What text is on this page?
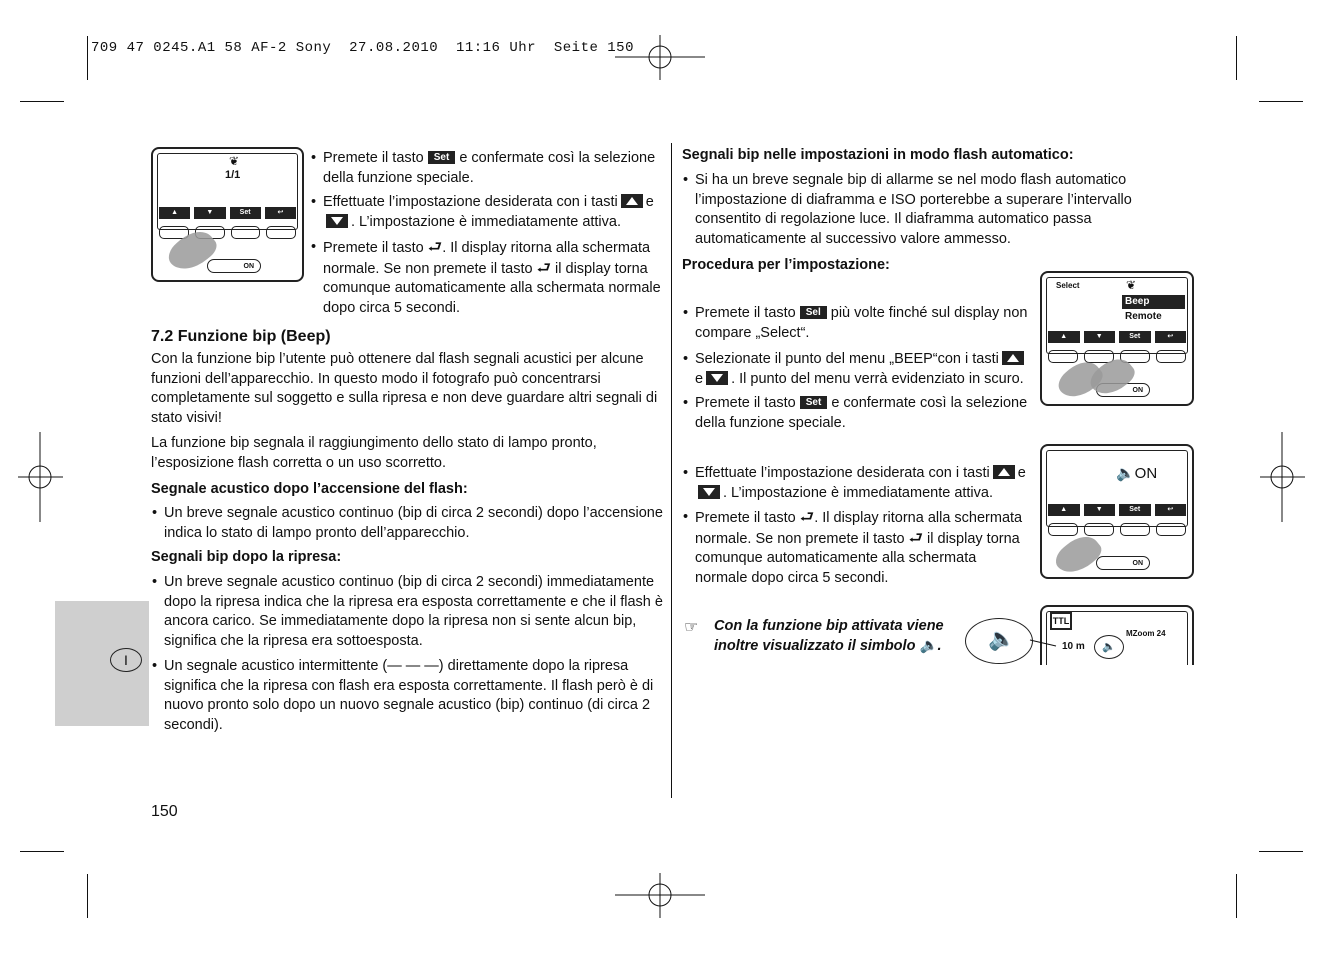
709 47 0245.A1 58 AF-2 Sony  27.08.2010  11:16 Uhr  Seite 150
❦
1/1
▲	▼	Set	↩
ON
• Premete il tasto Set e confermate così la selezione della funzione speciale.
• Effettuate l’impostazione desiderata con i tasti e
. L’impostazione è immediatamente attiva.
• Premete il tasto ⮐. Il display ritorna alla schermata normale. Se non premete il tasto ⮐ il display torna comunque automaticamente alla schermata normale dopo circa 5 secondi.
7.2 Funzione bip (Beep)
Con la funzione bip l’utente può ottenere dal flash segnali acustici per alcune funzioni dell’apparecchio. In questo modo il fotografo può concentrarsi completamente sul soggetto e sulla ripresa e non deve guardare altri segnali di stato visivi!
La funzione bip segnala il raggiungimento dello stato di lampo pronto, l’esposizione flash corretta o un uso scorretto.
Segnale acustico dopo l’accensione del flash:
• Un breve segnale acustico continuo (bip di circa 2 secondi) dopo l’accensione indica lo stato di lampo pronto dell’apparecchio.
Segnali bip dopo la ripresa:
• Un breve segnale acustico continuo (bip di circa 2 secondi) immediatamente dopo la ripresa indica che la ripresa era esposta correttamente e che il flash è ancora carico. Se immediatamente dopo la ripresa non si sente alcun bip, significa che la ripresa era sottoesposta.
• Un segnale acustico intermittente (— — —) direttamente dopo la ripresa significa che la ripresa con flash era esposta correttamente. Il flash però è di nuovo pronto solo dopo un nuovo segnale acustico (bip) continuo (di circa 2 secondi).
I
150
Segnali bip nelle impostazioni in modo flash automatico:
• Si ha un breve segnale bip di allarme se nel modo flash automatico l’impostazione di diaframma e ISO porterebbe a superare l’intervallo consentito di regolazione luce. Il diaframma automatico passa automaticamente al successivo valore ammesso.
Procedura per l’impostazione:
• Premete il tasto Sel più volte finché sul display non compare „Select“.
• Selezionate il punto del menu „BEEP“con i tasti
e . Il punto del menu verrà evidenziato in scuro.
• Premete il tasto Set e confermate così la selezione della funzione speciale.
• Effettuate l’impostazione desiderata con i tasti e
. L’impostazione è immediatamente attiva.
• Premete il tasto ⮐. Il display ritorna alla schermata normale. Se non premete il tasto ⮐ il display torna comunque automaticamente alla schermata normale dopo circa 5 secondi.
Select	❦
Beep
Remote
▲	▼	Set	↩
ON
🔈ON
▲	▼	Set	↩
ON
☞ Con la funzione bip attivata viene inoltre visualizzato il simbolo 🔈.	🔈
TTL
MZoom 24
10 m	🔈
